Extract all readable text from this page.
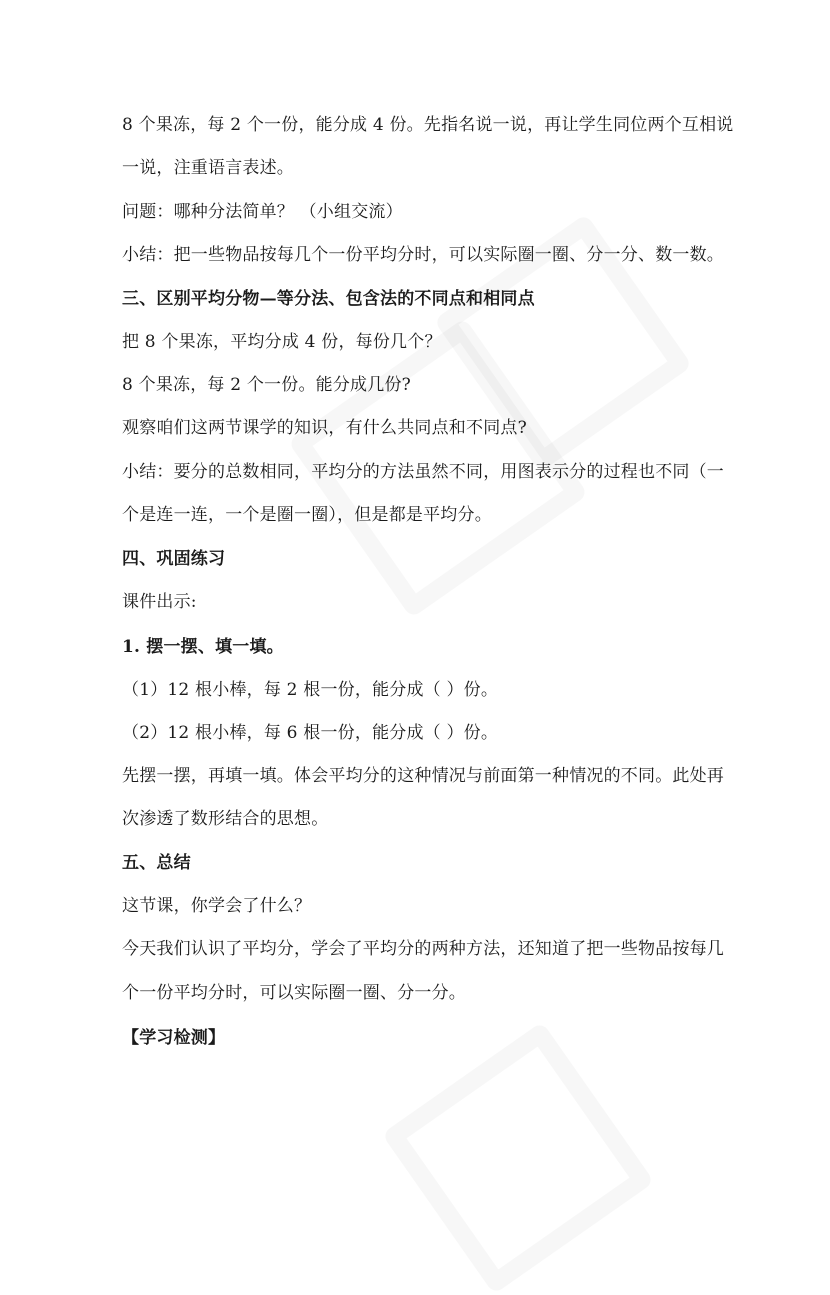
8 个果冻，每 2 个一份，能分成 4 份。先指名说一说，再让学生同位两个互相说
一说，注重语言表述。
问题：哪种分法简单？ （小组交流）
小结：把一些物品按每几个一份平均分时，可以实际圈一圈、分一分、数一数。
三、区别平均分物—等分法、包含法的不同点和相同点
把 8 个果冻，平均分成 4 份，每份几个？
8 个果冻，每 2 个一份。能分成几份?
观察咱们这两节课学的知识，有什么共同点和不同点?
小结：要分的总数相同，平均分的方法虽然不同，用图表示分的过程也不同（一
个是连一连，一个是圈一圈），但是都是平均分。
四、巩固练习
课件出示:
1. 摆一摆、填一填。
（1）12 根小棒，每 2 根一份，能分成（ ）份。
（2）12 根小棒，每 6 根一份，能分成（ ）份。
先摆一摆，再填一填。体会平均分的这种情况与前面第一种情况的不同。此处再
次渗透了数形结合的思想。
五、总结
这节课，你学会了什么？
今天我们认识了平均分，学会了平均分的两种方法，还知道了把一些物品按每几
个一份平均分时，可以实际圈一圈、分一分。
【学习检测】
